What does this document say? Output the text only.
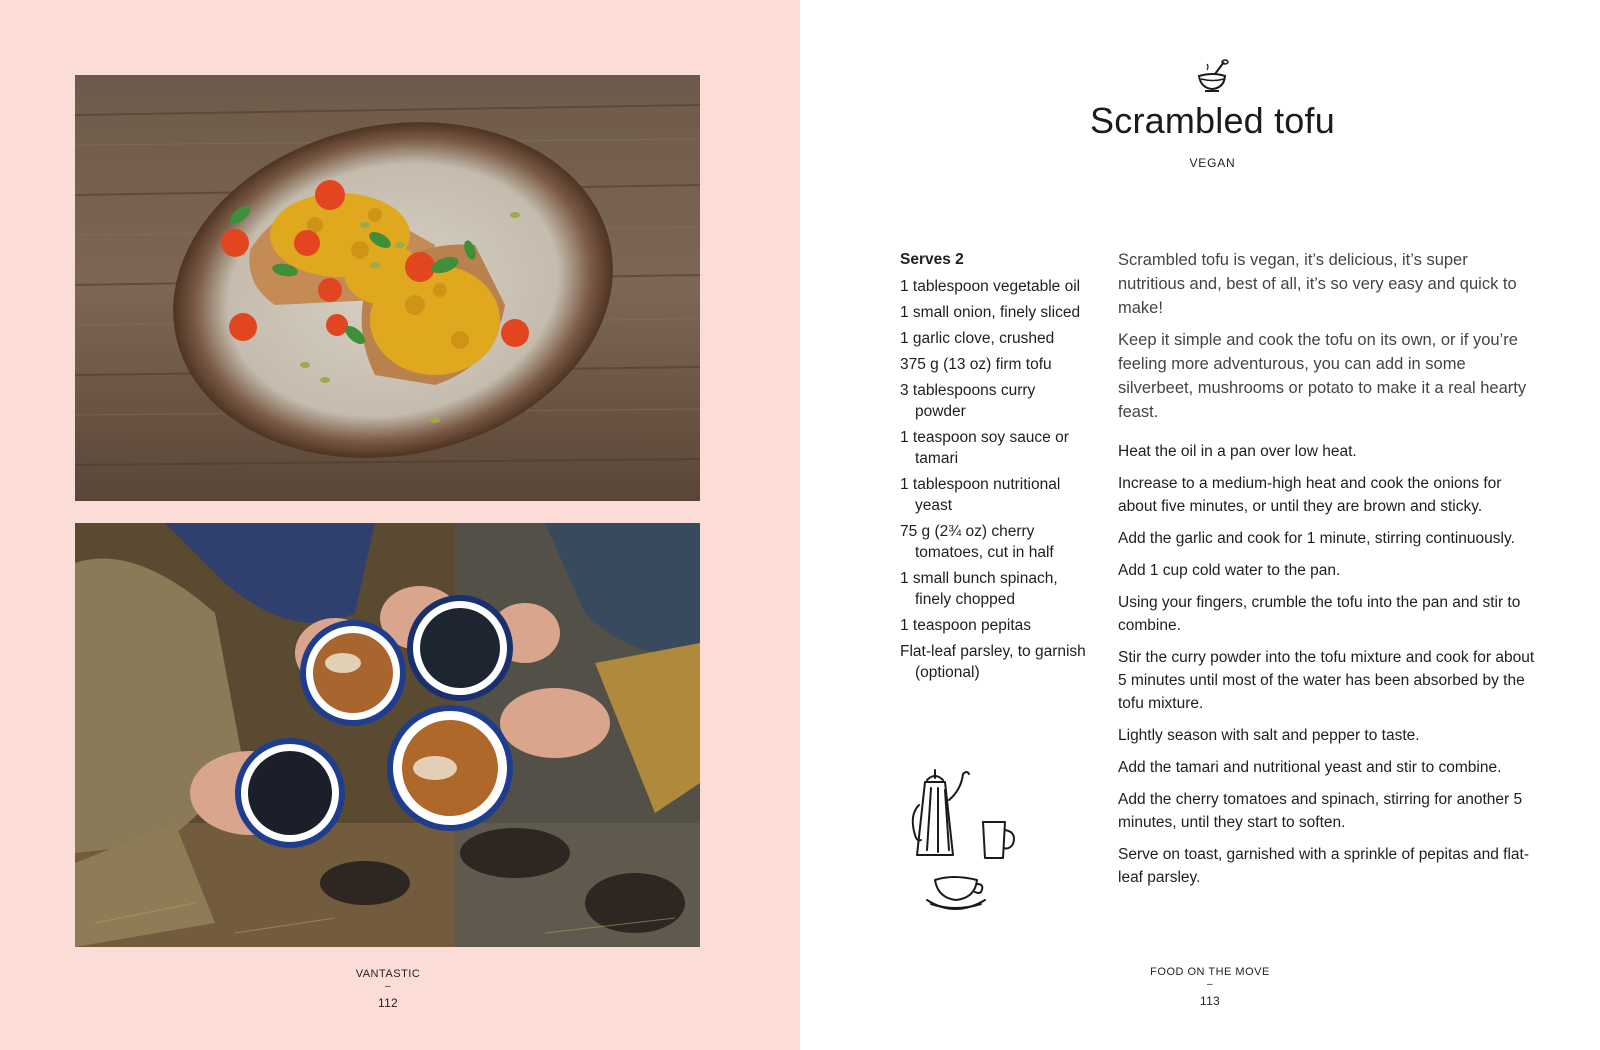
VANTASTIC
–
112
Scrambled tofu
VEGAN
Serves 2
1 tablespoon vegetable oil
1 small onion, finely sliced
1 garlic clove, crushed
375 g (13 oz) firm tofu
3 tablespoons curry powder
1 teaspoon soy sauce or tamari
1 tablespoon nutritional yeast
75 g (2¾ oz) cherry tomatoes, cut in half
1 small bunch spinach, finely chopped
1 teaspoon pepitas
Flat-leaf parsley, to garnish (optional)

Scrambled tofu is vegan, it’s delicious, it’s super nutritious and, best of all, it’s so very easy and quick to make!

Keep it simple and cook the tofu on its own, or if you’re feeling more adventurous, you can add in some silverbeet, mushrooms or potato to make it a real hearty feast.

Heat the oil in a pan over low heat.

Increase to a medium-high heat and cook the onions for about five minutes, or until they are brown and sticky.

Add the garlic and cook for 1 minute, stirring continuously.

Add 1 cup cold water to the pan.

Using your fingers, crumble the tofu into the pan and stir to combine.

Stir the curry powder into the tofu mixture and cook for about 5 minutes until most of the water has been absorbed by the tofu mixture.

Lightly season with salt and pepper to taste.

Add the tamari and nutritional yeast and stir to combine.

Add the cherry tomatoes and spinach, stirring for another 5 minutes, until they start to soften.

Serve on toast, garnished with a sprinkle of pepitas and flat-leaf parsley.

FOOD ON THE MOVE
–
113
